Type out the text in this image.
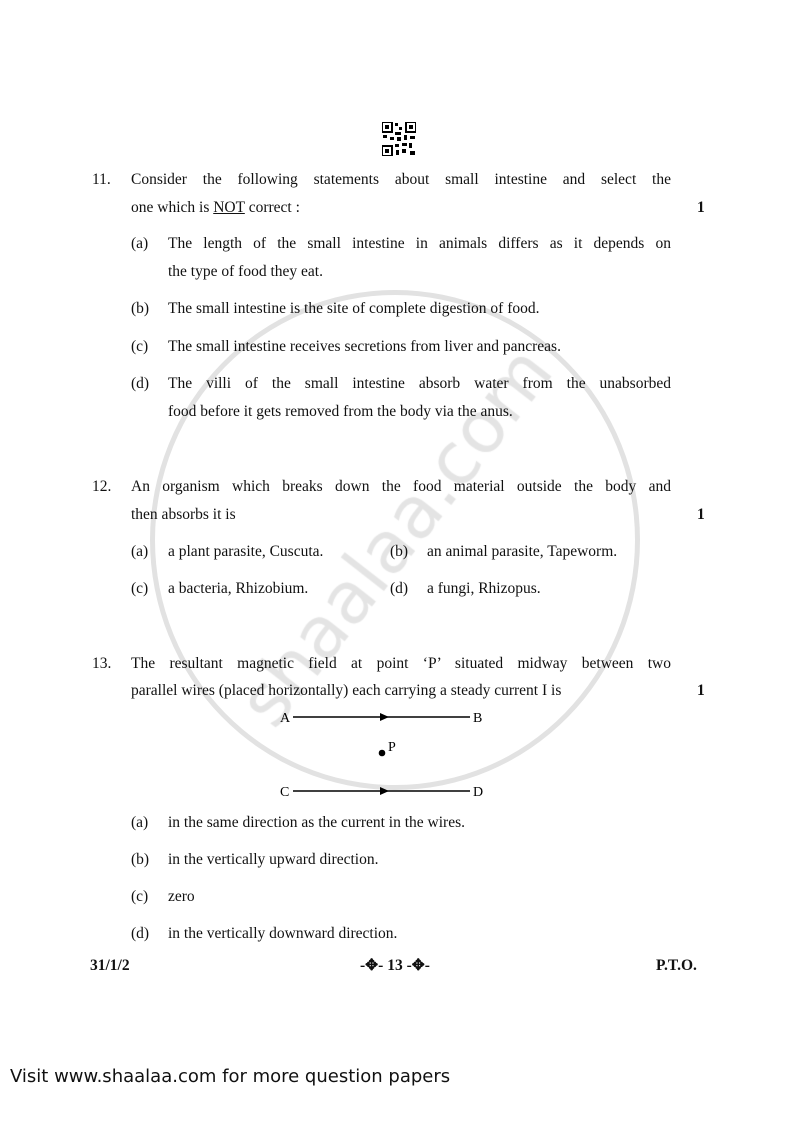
11. Consider the following statements about small intestine and select the
one which is NOT correct :	1
(a) The length of the small intestine in animals differs as it depends on
the type of food they eat.
(b) The small intestine is the site of complete digestion of food.
(c) The small intestine receives secretions from liver and pancreas.
(d) The villi of the small intestine absorb water from the unabsorbed
food before it gets removed from the body via the anus.
12. An organism which breaks down the food material outside the body and
then absorbs it is	1
(a) a plant parasite, Cuscuta.	(b) an animal parasite, Tapeworm.
(c) a bacteria, Rhizobium.	(d) a fungi, Rhizopus.
13. The resultant magnetic field at point ‘P’ situated midway between two
parallel wires (placed horizontally) each carrying a steady current I is	1
A	B
P
C	D
(a) in the same direction as the current in the wires.
(b) in the vertically upward direction.
(c) zero
(d) in the vertically downward direction.
31/1/2	-✥- 13 -✥-	P.T.O.
Visit www.shaalaa.com for more question papers
